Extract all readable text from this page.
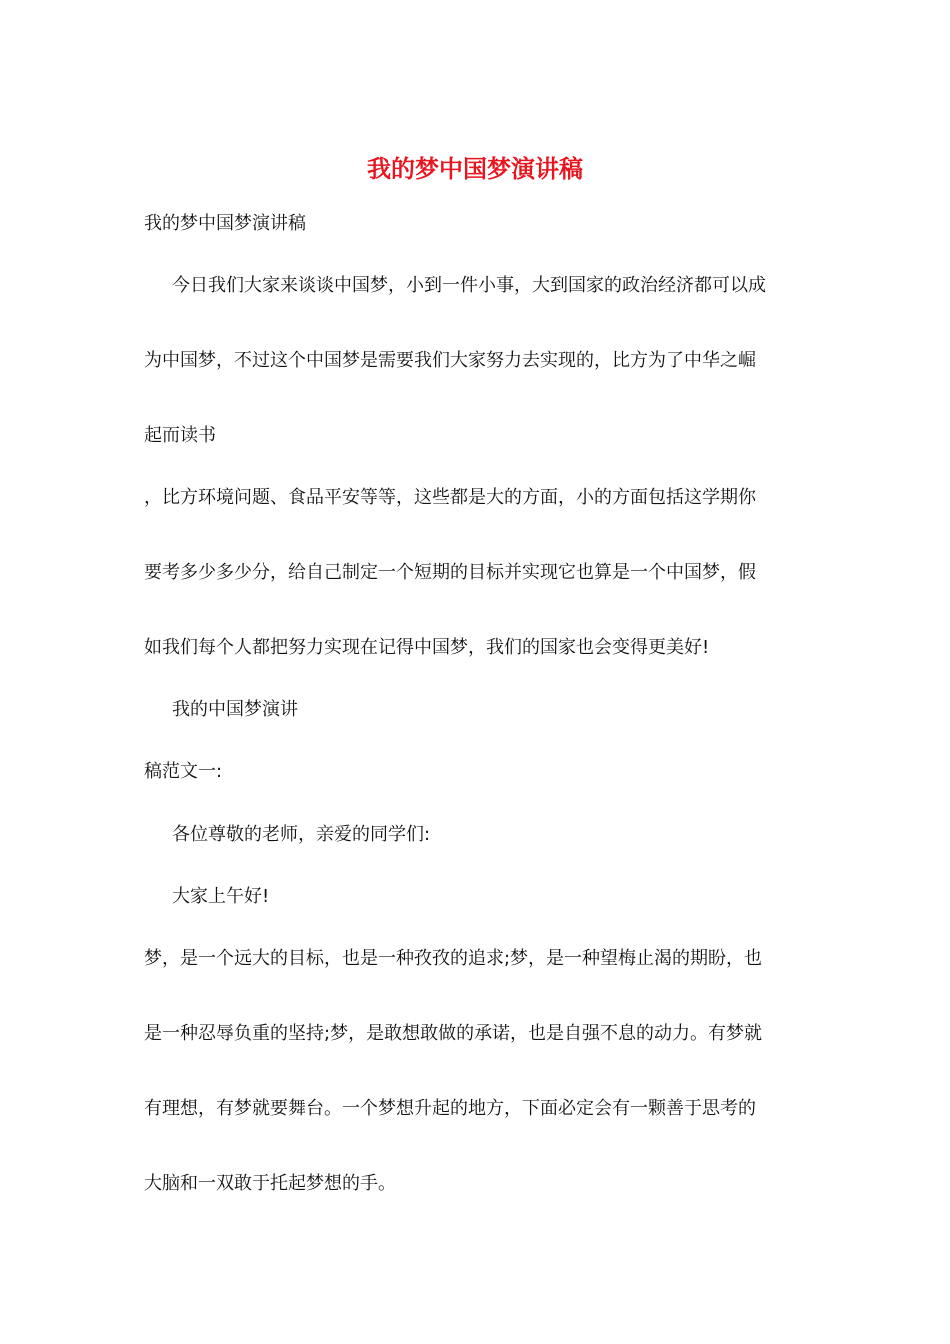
我的梦中国梦演讲稿
我的梦中国梦演讲稿
今日我们大家来谈谈中国梦，小到一件小事，大到国家的政治经济都可以成
为中国梦，不过这个中国梦是需要我们大家努力去实现的，比方为了中华之崛
起而读书
，比方环境问题、食品平安等等，这些都是大的方面，小的方面包括这学期你
要考多少多少分，给自己制定一个短期的目标并实现它也算是一个中国梦，假
如我们每个人都把努力实现在记得中国梦，我们的国家也会变得更美好!
我的中国梦演讲
稿范文一:
各位尊敬的老师，亲爱的同学们:
大家上午好!
梦，是一个远大的目标，也是一种孜孜的追求;梦，是一种望梅止渴的期盼，也
是一种忍辱负重的坚持;梦，是敢想敢做的承诺，也是自强不息的动力。有梦就
有理想，有梦就要舞台。一个梦想升起的地方，下面必定会有一颗善于思考的
大脑和一双敢于托起梦想的手。
